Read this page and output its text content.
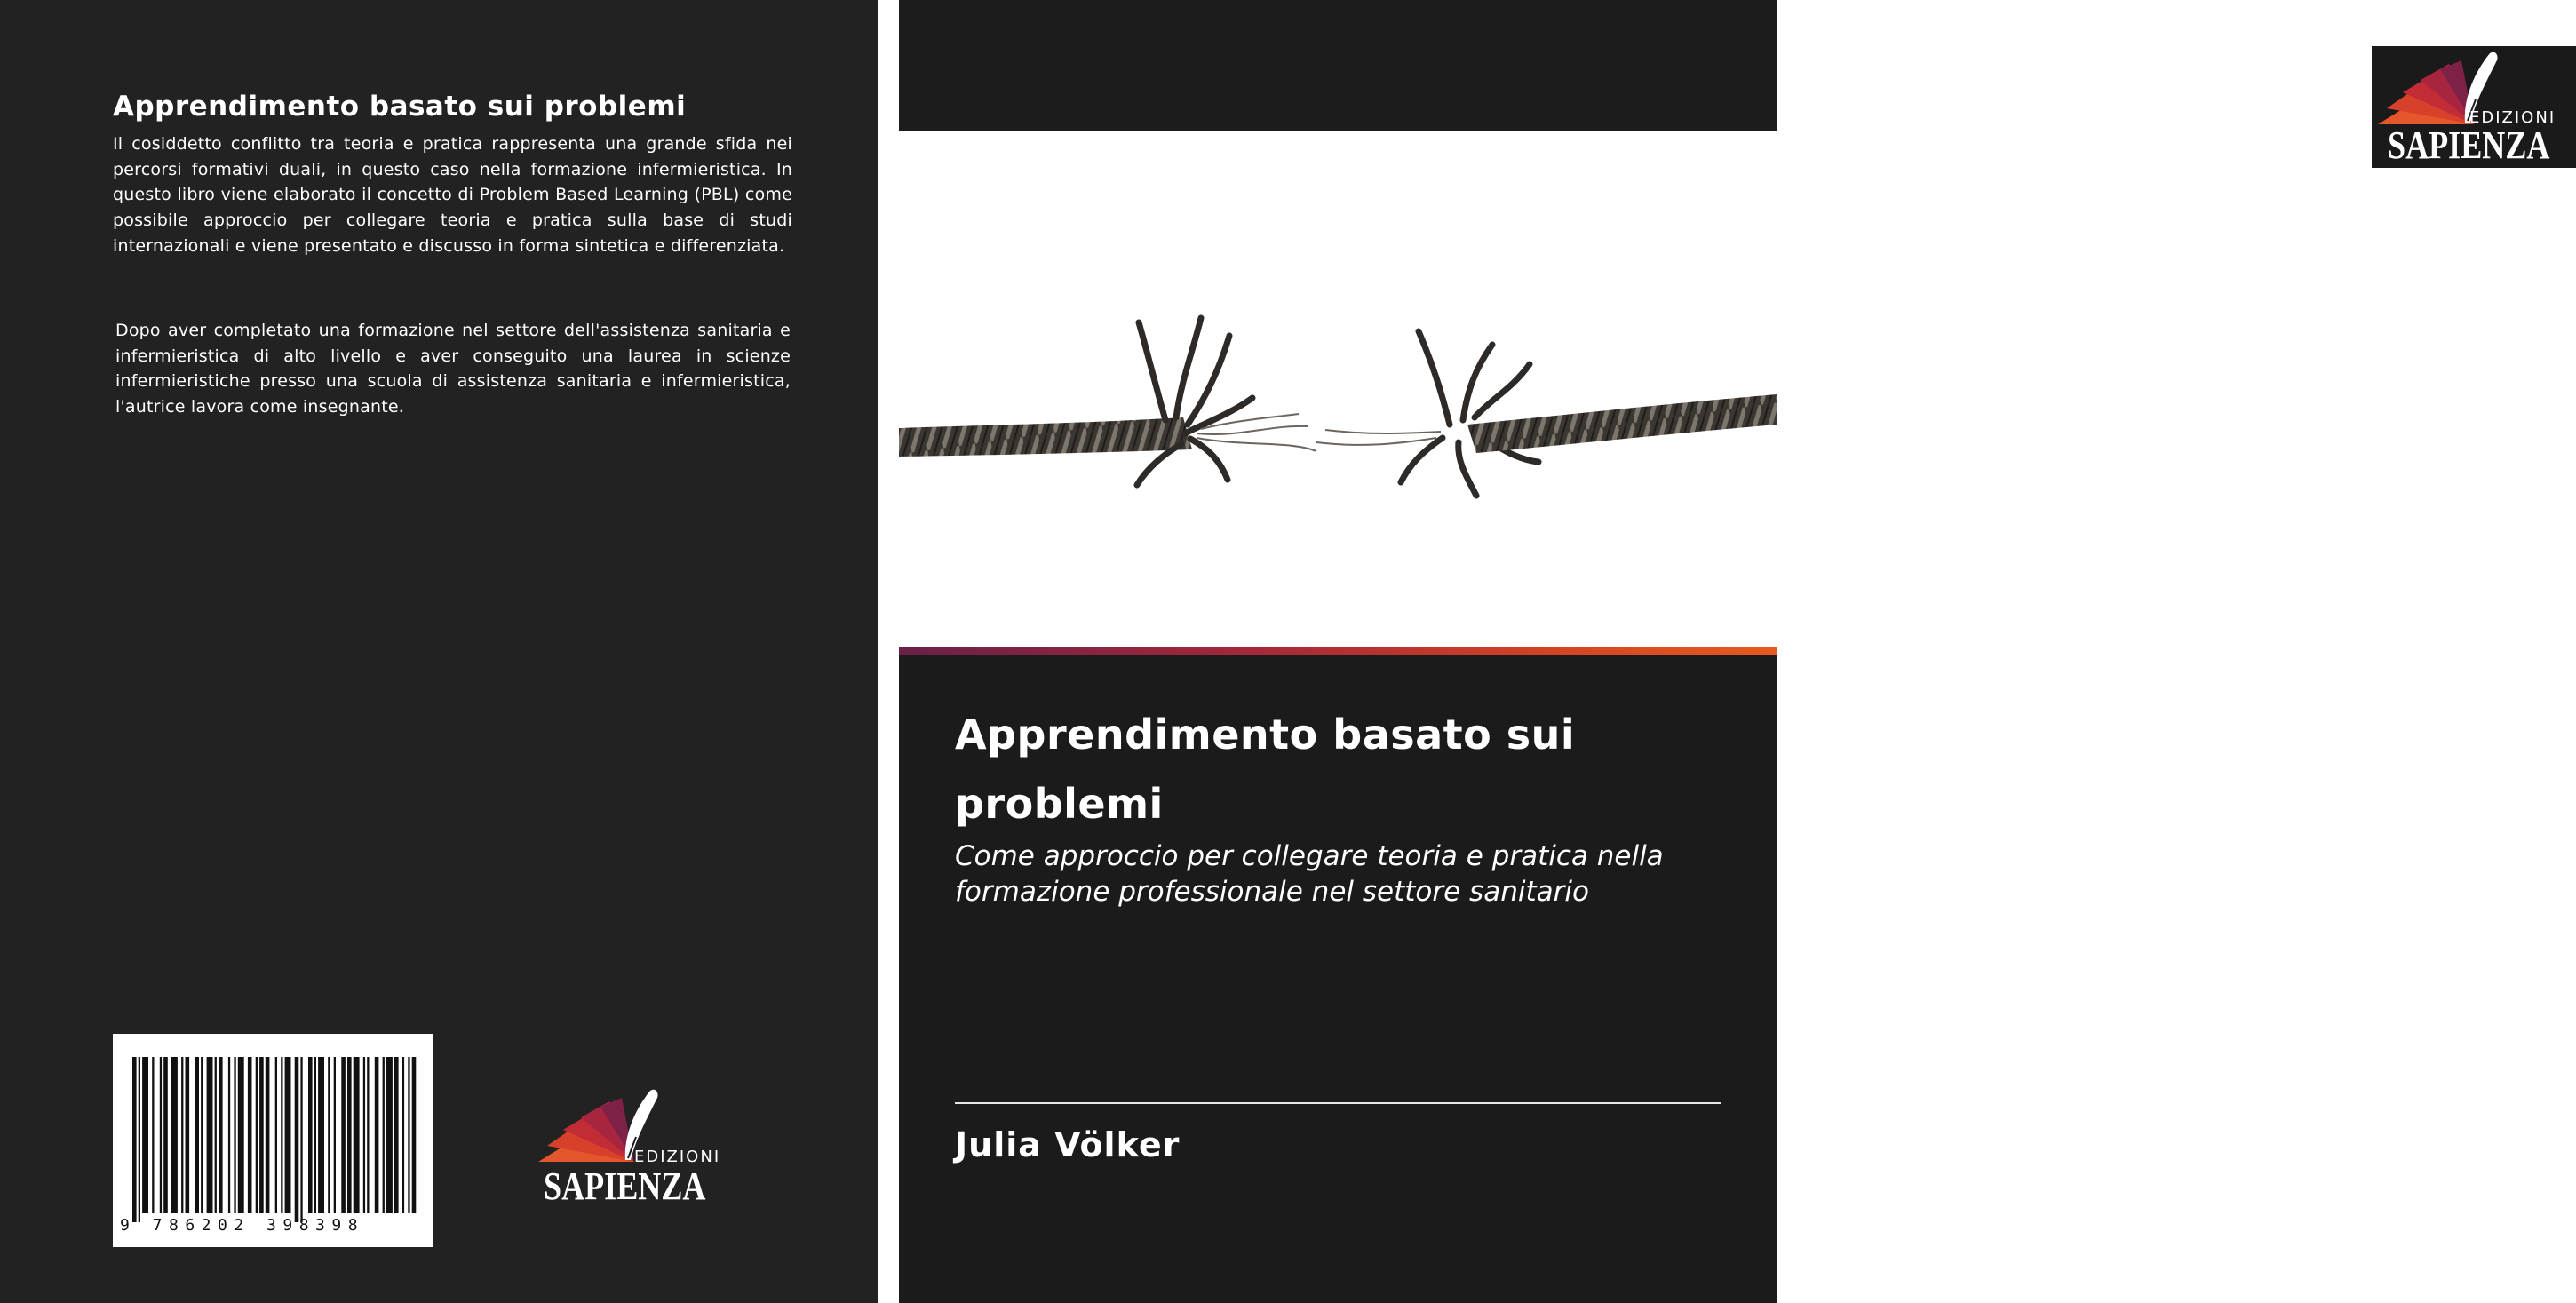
Apprendimento basato sui problemi
Il cosiddetto conflitto tra teoria e pratica rappresenta una grande sfida nei percorsi formativi duali, in questo caso nella formazione infermieristica. In questo libro viene elaborato il concetto di Problem Based Learning (PBL) come possibile approccio per collegare teoria e pratica sulla base di studi internazionali e viene presentato e discusso in forma sintetica e differenziata.
Dopo aver completato una formazione nel settore dell'assistenza sanitaria e infermieristica di alto livello e aver conseguito una laurea in scienze infermieristiche presso una scuola di assistenza sanitaria e infermieristica, l'autrice lavora come insegnante.
9 786202 398398
EDIZIONI
SAPIENZA
EDIZIONI
SAPIENZA
Apprendimento basato sui problemi
Come approccio per collegare teoria e pratica nella formazione professionale nel settore sanitario
Julia Völker
